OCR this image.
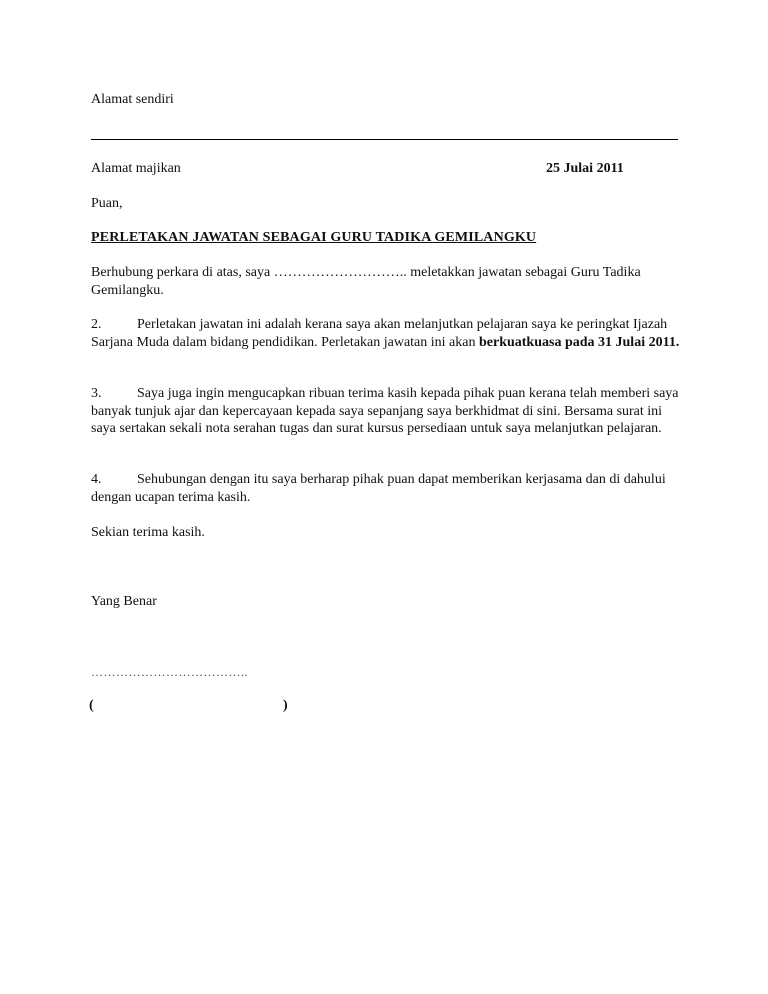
Alamat sendiri
Alamat majikan	25 Julai 2011
Puan,
PERLETAKAN JAWATAN SEBAGAI GURU TADIKA GEMILANGKU

Berhubung perkara di atas, saya ……………………….. meletakkan jawatan sebagai Guru Tadika Gemilangku.

2.	Perletakan jawatan ini adalah kerana saya akan melanjutkan pelajaran saya ke peringkat Ijazah Sarjana Muda dalam bidang pendidikan. Perletakan jawatan ini akan berkuatkuasa pada 31 Julai 2011.

3.	Saya juga ingin mengucapkan ribuan terima kasih kepada pihak puan kerana telah memberi saya banyak tunjuk ajar dan kepercayaan kepada saya sepanjang saya berkhidmat di sini. Bersama surat ini saya sertakan sekali nota serahan tugas dan surat kursus persediaan untuk saya melanjutkan pelajaran.

4.	Sehubungan dengan itu saya berharap pihak puan dapat memberikan kerjasama dan di dahului dengan ucapan terima kasih.

Sekian terima kasih.
Yang Benar
………………………………..
(	)
